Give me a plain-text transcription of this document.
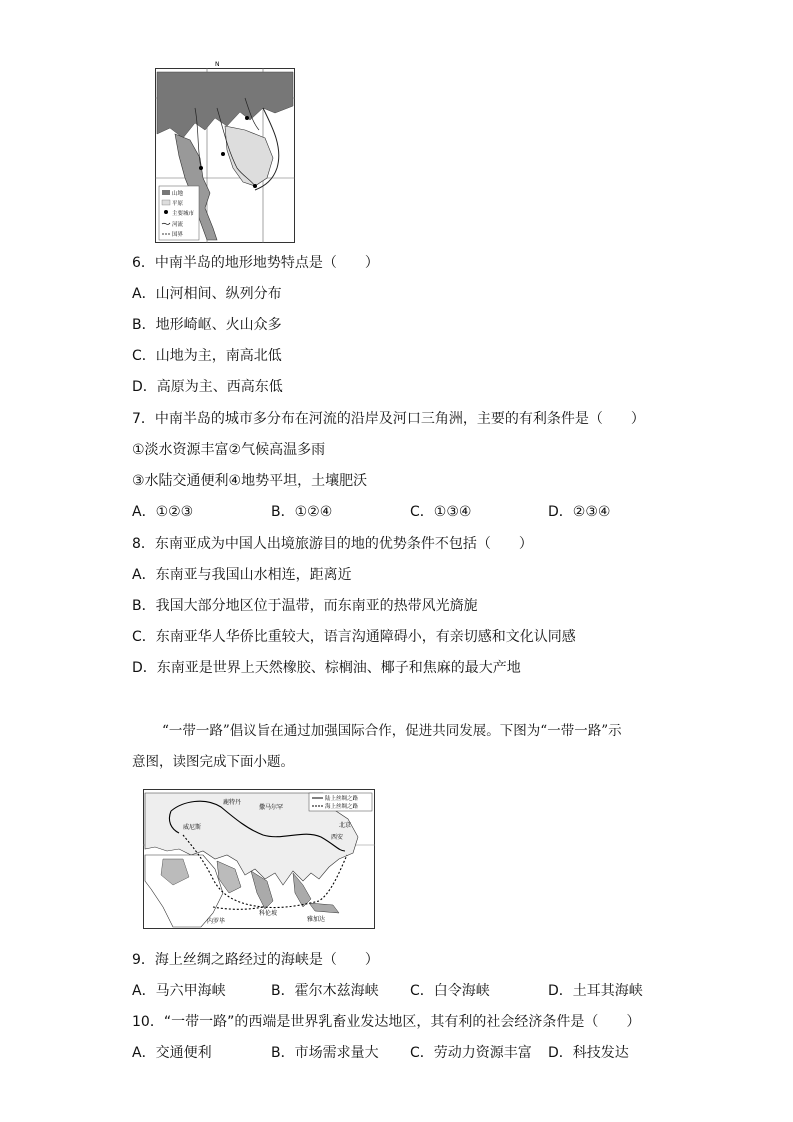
N
山地
平原
主要城市
河流
国界
6．中南半岛的地形地势特点是（　　）
A．山河相间、纵列分布
B．地形崎岖、火山众多
C．山地为主，南高北低
D．高原为主、西高东低
7．中南半岛的城市多分布在河流的沿岸及河口三角洲，主要的有利条件是（　　）
①淡水资源丰富②气候高温多雨
③水陆交通便利④地势平坦，土壤肥沃
A．①②③	B．①②④	C．①③④	D．②③④
8．东南亚成为中国人出境旅游目的地的优势条件不包括（　　）
A．东南亚与我国山水相连，距离近
B．我国大部分地区位于温带，而东南亚的热带风光旖旎
C．东南亚华人华侨比重较大，语言沟通障碍小，有亲切感和文化认同感
D．东南亚是世界上天然橡胶、棕榈油、椰子和焦麻的最大产地
“一带一路”倡议旨在通过加强国际合作，促进共同发展。下图为“一带一路”示
意图，读图完成下面小题。
陆上丝绸之路
海上丝绸之路
鹿特丹
威尼斯
撒马尔罕
西安
科伦坡
雅加达
内罗毕
北京
9．海上丝绸之路经过的海峡是（　　）
A．马六甲海峡	B．霍尔木兹海峡 C．白令海峡	D．土耳其海峡
10．“一带一路”的西端是世界乳畜业发达地区，其有利的社会经济条件是（　　）
A．交通便利	B．市场需求量大 C．劳动力资源丰富 D．科技发达
